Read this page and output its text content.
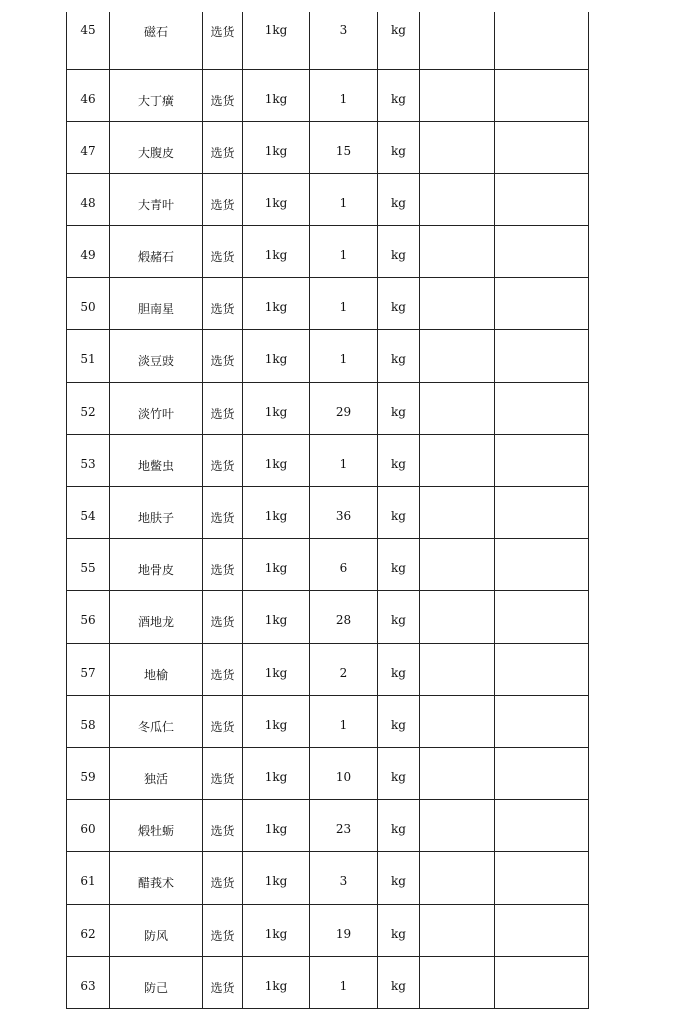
45	磁石	选货	1kg	3	kg		
46	大丁癀	选货	1kg	1	kg		
47	大腹皮	选货	1kg	15	kg		
48	大青叶	选货	1kg	1	kg		
49	煅赭石	选货	1kg	1	kg		
50	胆南星	选货	1kg	1	kg		
51	淡豆豉	选货	1kg	1	kg		
52	淡竹叶	选货	1kg	29	kg		
53	地鳖虫	选货	1kg	1	kg		
54	地肤子	选货	1kg	36	kg		
55	地骨皮	选货	1kg	6	kg		
56	酒地龙	选货	1kg	28	kg		
57	地榆	选货	1kg	2	kg		
58	冬瓜仁	选货	1kg	1	kg		
59	独活	选货	1kg	10	kg		
60	煅牡蛎	选货	1kg	23	kg		
61	醋莪术	选货	1kg	3	kg		
62	防风	选货	1kg	19	kg		
63	防己	选货	1kg	1	kg		
